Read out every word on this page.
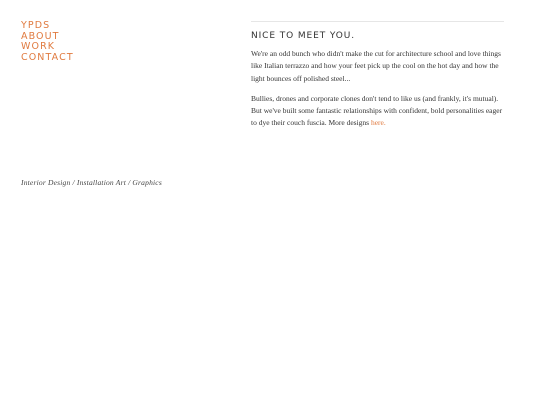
YPDS
ABOUT
WORK
CONTACT
Interior Design / Installation Art / Graphics
NICE TO MEET YOU.

We're an odd bunch who didn't make the cut for architecture school and love things like Italian terrazzo and how your feet pick up the cool on the hot day and how the light bounces off polished steel...

Bullies, drones and corporate clones don't tend to like us (and frankly, it's mutual). But we've built some fantastic relationships with confident, bold personalities eager to dye their couch fuscia. More designs here.
